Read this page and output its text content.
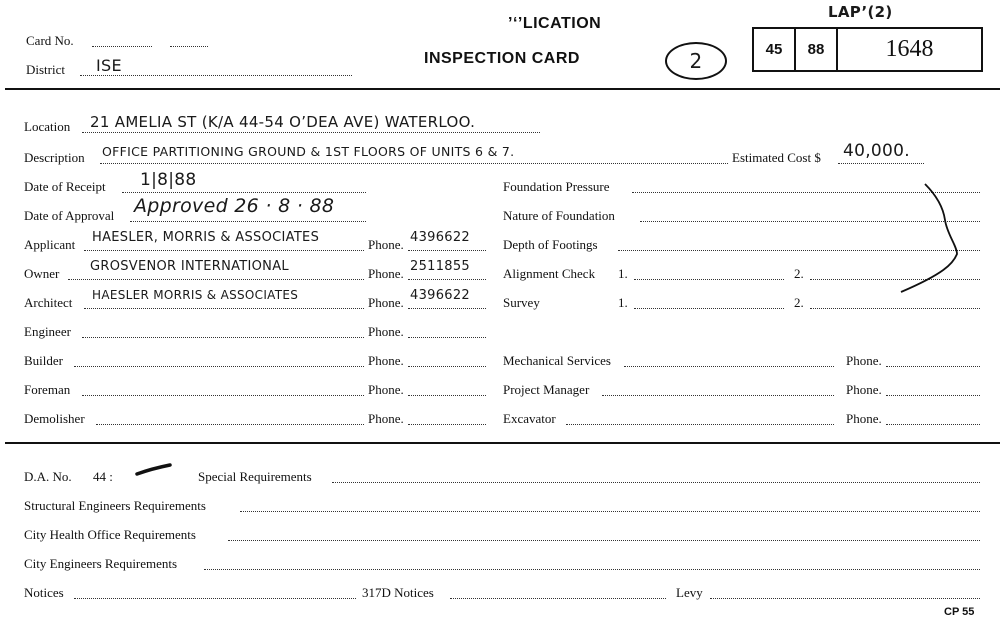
Card No.
District ISE
’ʻʼLICATION
INSPECTION CARD	2
LAP’(2)
45	88	1648
Location 21 AMELIA ST (K/A 44-54 O’DEA AVE) WATERLOO.
Description OFFICE PARTITIONING GROUND & 1ST FLOORS OF UNITS 6 & 7.	Estimated Cost $ 40,000.
Date of Receipt 1|8|88	Foundation Pressure
Date of Approval Approved 26 · 8 · 88	Nature of Foundation
Applicant HAESLER, MORRIS & ASSOCIATES	Phone. 4396622	Depth of Footings
Owner GROSVENOR INTERNATIONAL	Phone. 2511855	Alignment Check 1.	2.
Architect HAESLER MORRIS & ASSOCIATES	Phone. 4396622	Survey	1.	2.
Engineer	Phone.
Builder	Phone.	Mechanical Services	Phone.
Foreman	Phone.	Project Manager	Phone.
Demolisher	Phone.	Excavator	Phone.
D.A. No. 44 :	Special Requirements
Structural Engineers Requirements
City Health Office Requirements
City Engineers Requirements
Notices	317D Notices	Levy
CP 55
